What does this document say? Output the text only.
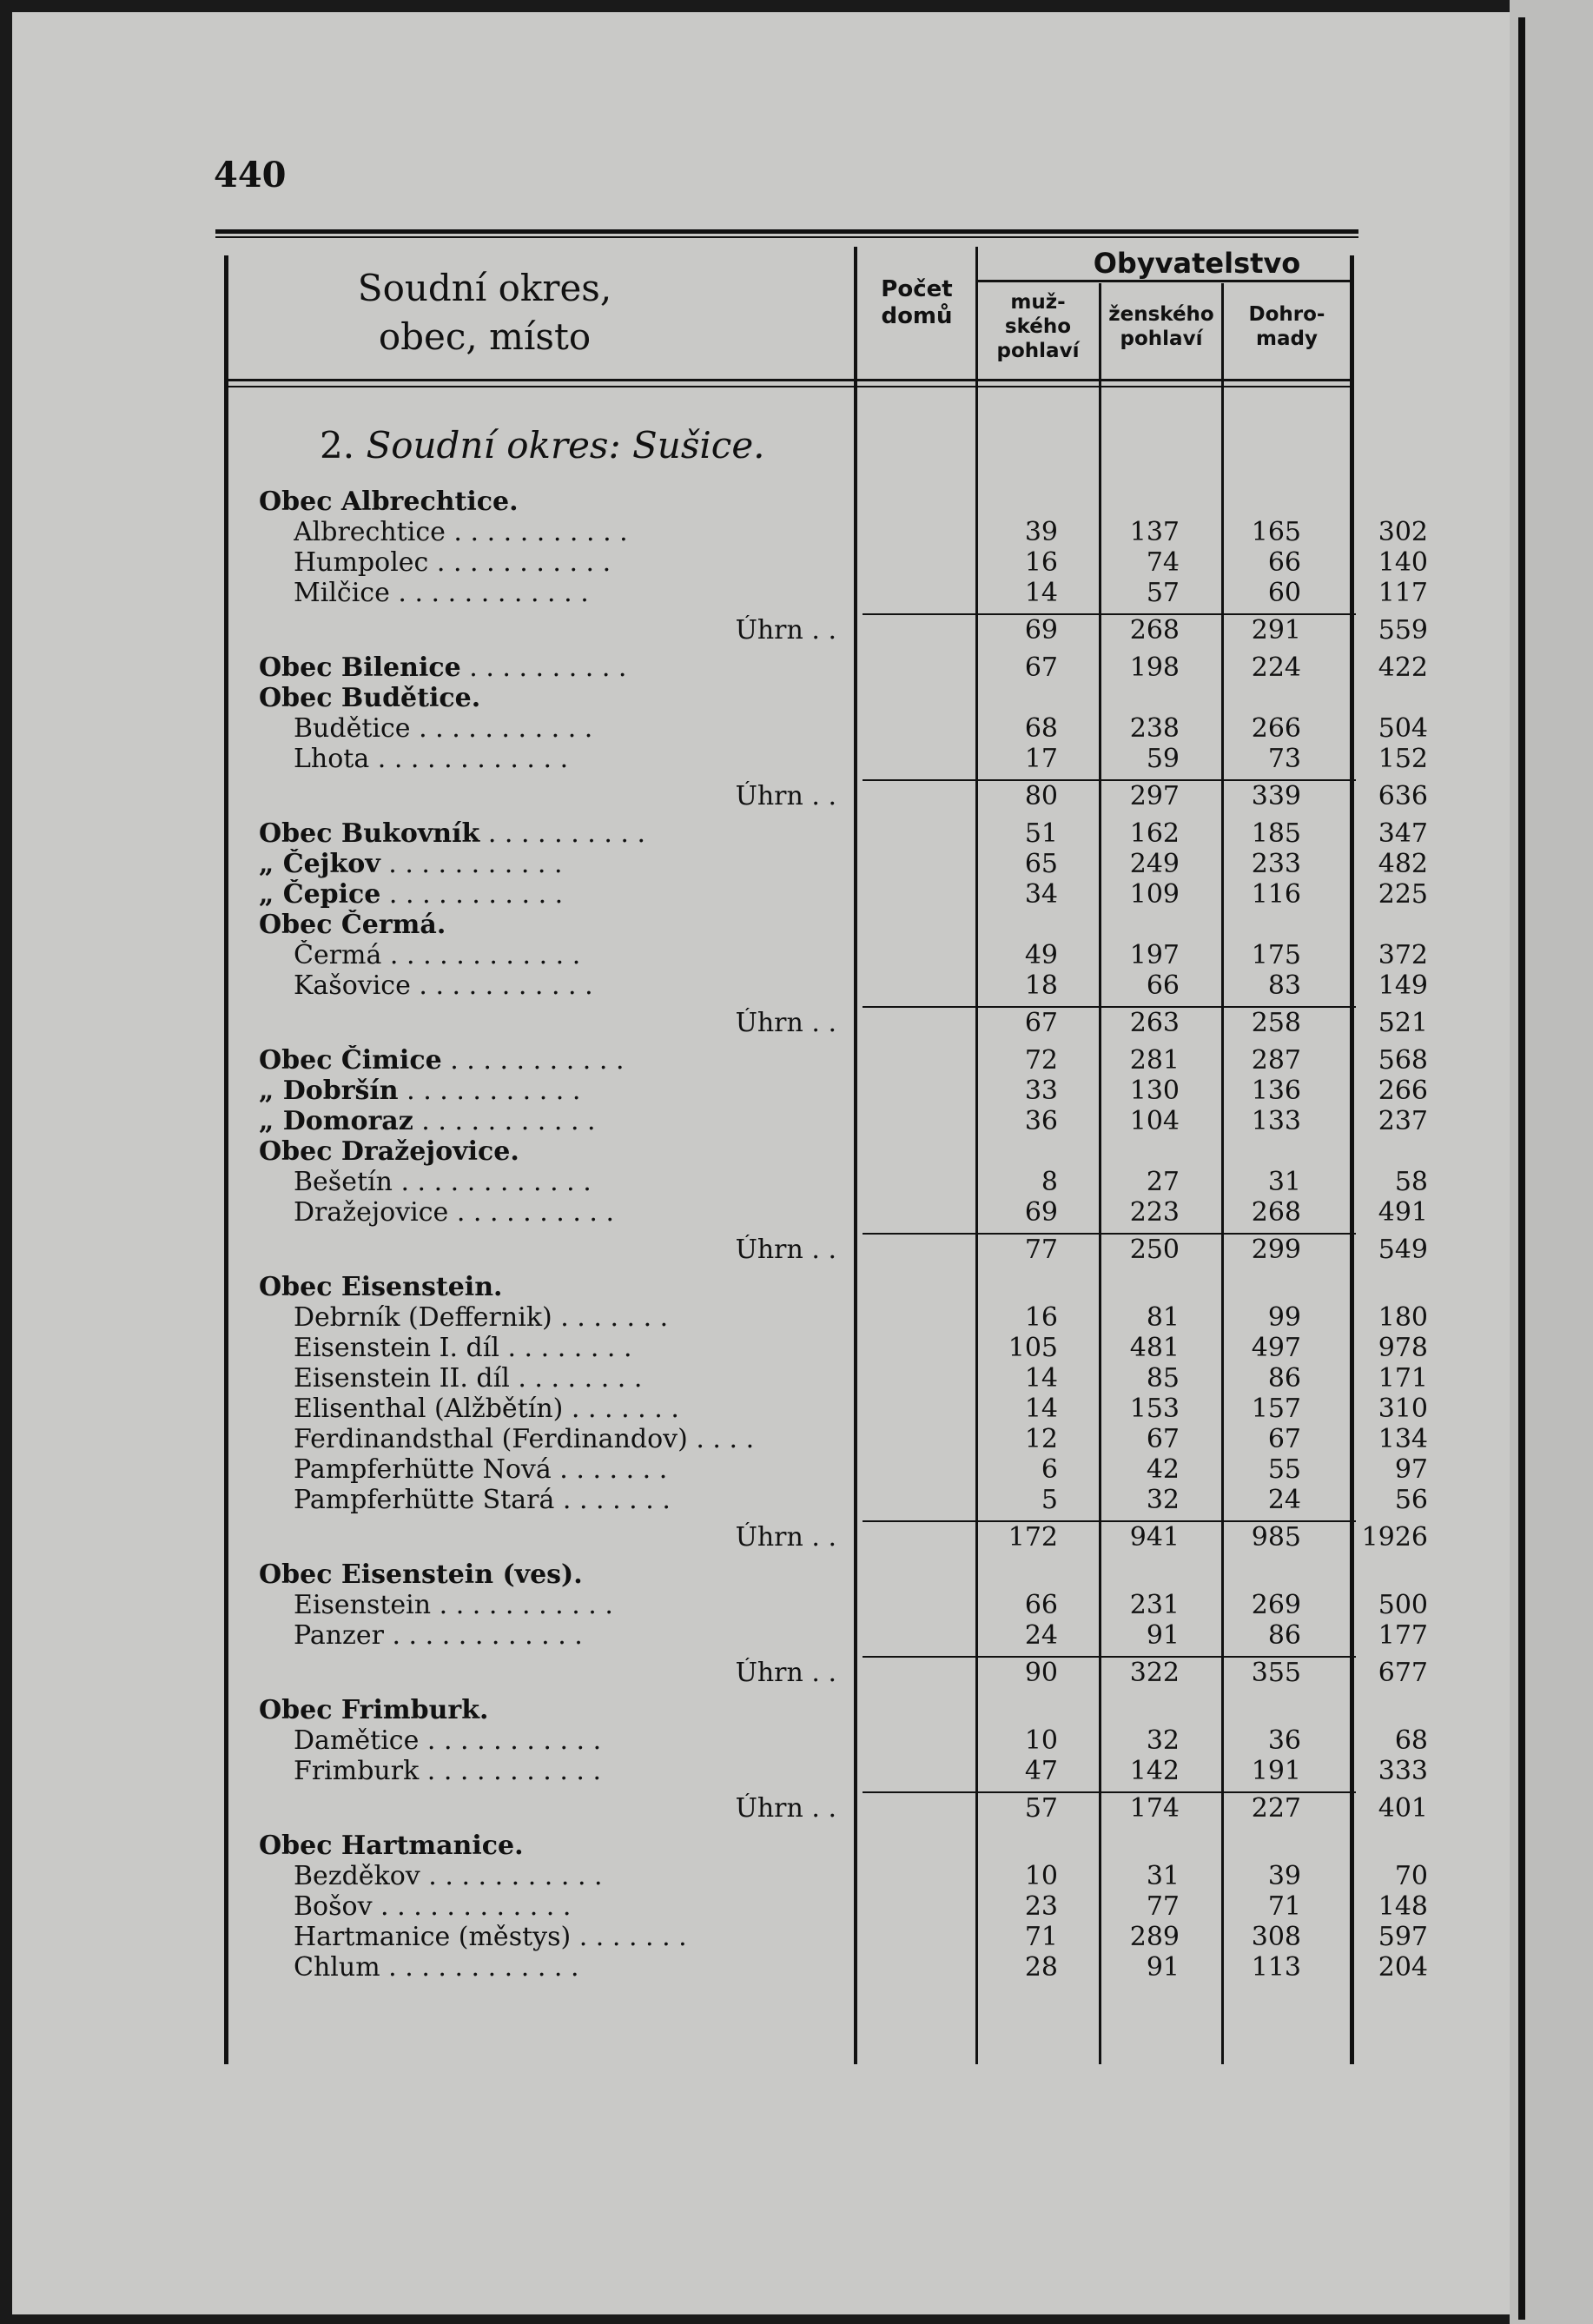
440
Soudní okres,
obec, místo
Počet
domů
Obyvatelstvo
muž-
ského
pohlaví
ženského
pohlaví
Dohro-
mady
2. Soudní okres: Sušice.
Obec Albrechtice.
Albrechtice . . . . . . . . . . .	39	137	165	302
Humpolec . . . . . . . . . . .	16	74	66	140
Milčice . . . . . . . . . . . .	14	57	60	117
Úhrn . .	69	268	291	559
Obec Bilenice . . . . . . . . . .	67	198	224	422
Obec Budětice.
Budětice . . . . . . . . . . .	68	238	266	504
Lhota . . . . . . . . . . . .	17	59	73	152
Úhrn . .	80	297	339	636
Obec Bukovník . . . . . . . . . .	51	162	185	347
„ Čejkov . . . . . . . . . . .	65	249	233	482
„ Čepice . . . . . . . . . . .	34	109	116	225
Obec Čermá.
Čermá . . . . . . . . . . . .	49	197	175	372
Kašovice . . . . . . . . . . .	18	66	83	149
Úhrn . .	67	263	258	521
Obec Čimice . . . . . . . . . . .	72	281	287	568
„ Dobršín . . . . . . . . . . .	33	130	136	266
„ Domoraz . . . . . . . . . . .	36	104	133	237
Obec Dražejovice.
Bešetín . . . . . . . . . . . .	8	27	31	58
Dražejovice . . . . . . . . . .	69	223	268	491
Úhrn . .	77	250	299	549
Obec Eisenstein.
Debrník (Deffernik) . . . . . . .	16	81	99	180
Eisenstein I. díl . . . . . . . .	105	481	497	978
Eisenstein II. díl . . . . . . . .	14	85	86	171
Elisenthal (Alžbětín) . . . . . . .	14	153	157	310
Ferdinandsthal (Ferdinandov) . . . .	12	67	67	134
Pampferhütte Nová . . . . . . .	6	42	55	97
Pampferhütte Stará . . . . . . .	5	32	24	56
Úhrn . .	172	941	985	1926
Obec Eisenstein (ves).
Eisenstein . . . . . . . . . . .	66	231	269	500
Panzer . . . . . . . . . . . .	24	91	86	177
Úhrn . .	90	322	355	677
Obec Frimburk.
Damětice . . . . . . . . . . .	10	32	36	68
Frimburk . . . . . . . . . . .	47	142	191	333
Úhrn . .	57	174	227	401
Obec Hartmanice.
Bezděkov . . . . . . . . . . .	10	31	39	70
Bošov . . . . . . . . . . . .	23	77	71	148
Hartmanice (městys) . . . . . . .	71	289	308	597
Chlum . . . . . . . . . . . .	28	91	113	204
